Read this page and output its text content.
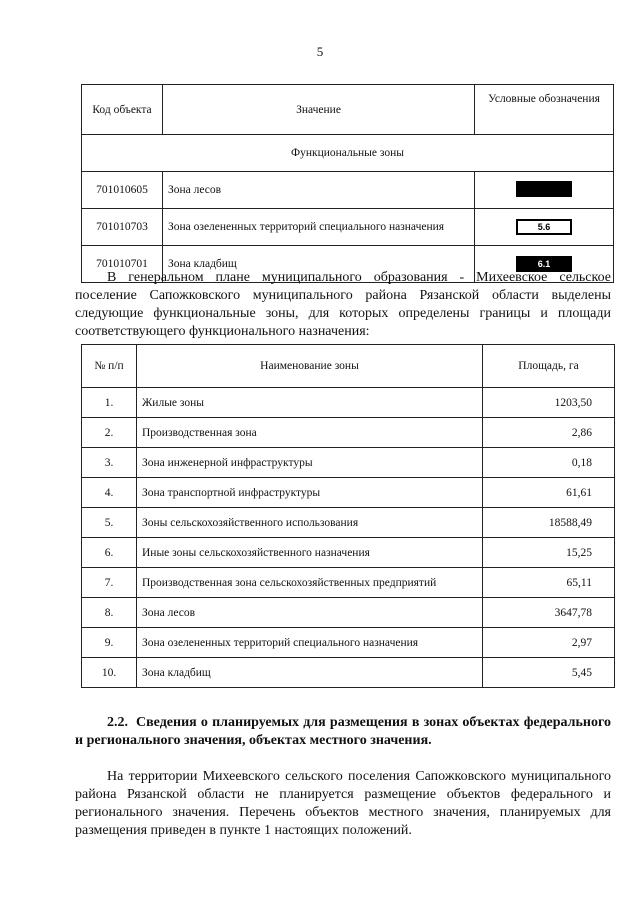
5
Код объекта	Значение	Условные обозначения
Функциональные зоны		
701010605	Зона лесов	
701010703	Зона озелененных территорий специального назначения	5.6

701010701	Зона кладбищ	6.1
В генеральном плане муниципального образования - Михеевское сельское поселение Сапожковского муниципального района Рязанской области выделены следующие функциональные зоны, для которых определены границы и площади соответствующего функционального назначения:
№ п/п	Наименование зоны	Площадь, га
1.	Жилые зоны	1203,50
2.	Производственная зона	2,86
3.	Зона инженерной инфраструктуры	0,18
4.	Зона транспортной инфраструктуры	61,61
5.	Зоны сельскохозяйственного использования	18588,49
6.	Иные зоны сельскохозяйственного назначения	15,25
7.	Производственная зона сельскохозяйственных предприятий	65,11
8.	Зона лесов	3647,78
9.	Зона озелененных территорий специального назначения	2,97
10.	Зона кладбищ	5,45
2.2. Сведения о планируемых для размещения в зонах объектах федерального и регионального значения, объектах местного значения.
На территории Михеевского сельского поселения Сапожковского муниципального района Рязанской области не планируется размещение объектов федерального и регионального значения. Перечень объектов местного значения, планируемых для размещения приведен в пункте 1 настоящих положений.
